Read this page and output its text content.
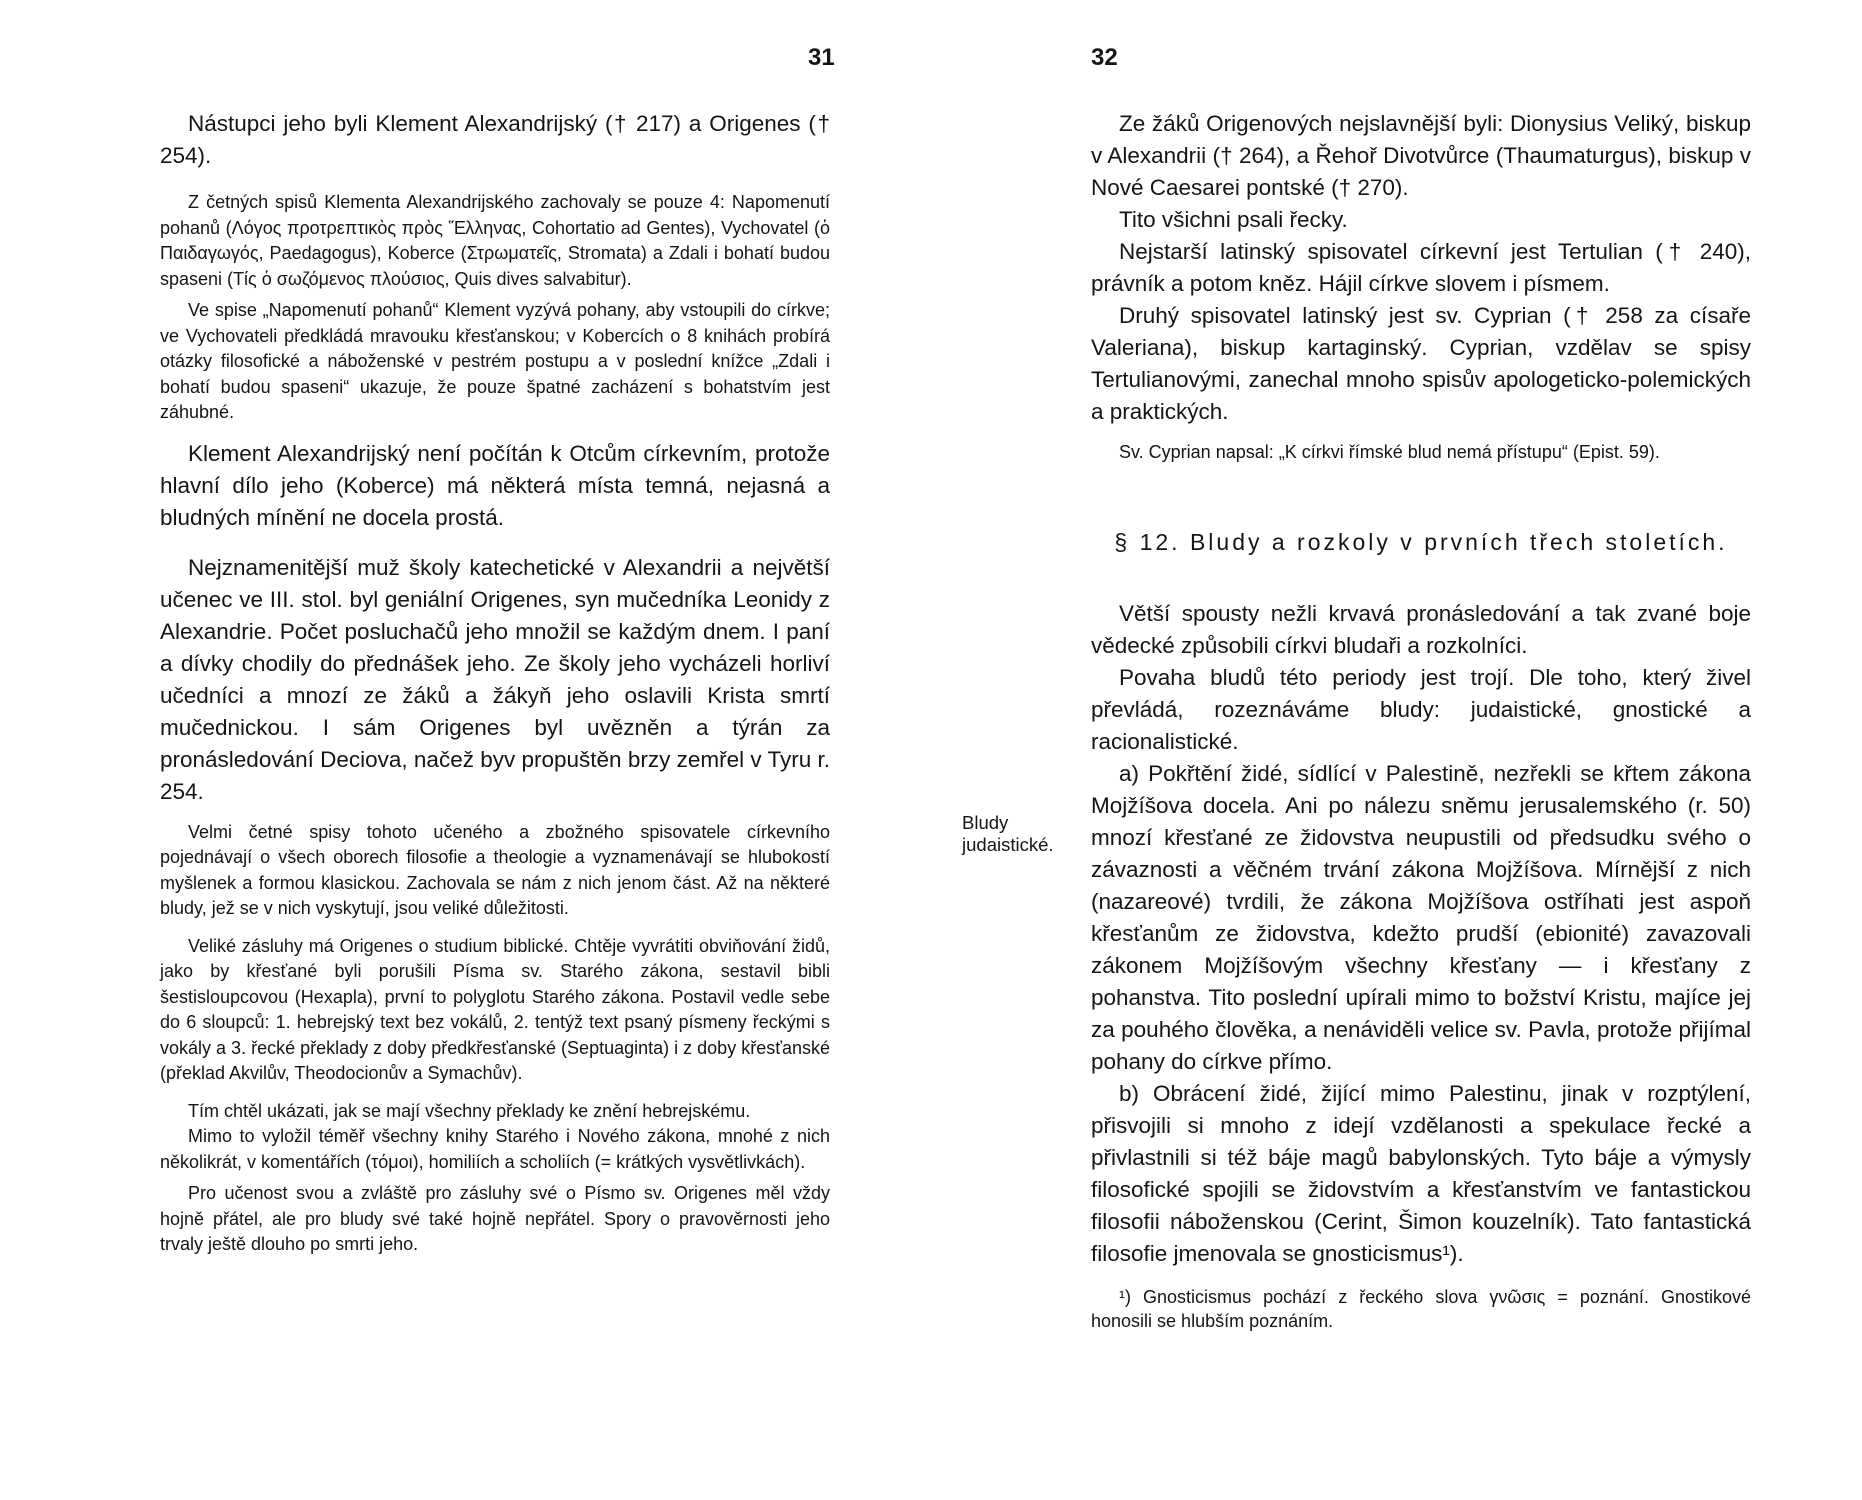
31

Nástupci jeho byli Klement Alexandrijský († 217) a Origenes († 254).

Z četných spisů Klementa Alexandrijského zachovaly se pouze 4: Napomenutí pohanů (Λόγος προτρεπτικὸς πρὸς Ἕλληνας, Cohortatio ad Gentes), Vychovatel (ὁ Παιδαγωγός, Paedagogus), Koberce (Στρωματεῖς, Stromata) a Zdali i bohatí budou spaseni (Τίς ὁ σωζόμενος πλούσιος, Quis dives salvabitur).

Ve spise „Napomenutí pohanů“ Klement vyzývá pohany, aby vstoupili do církve; ve Vychovateli předkládá mravouku křesťanskou; v Kobercích o 8 knihách probírá otázky filosofické a náboženské v pestrém postupu a v poslední knížce „Zdali i bohatí budou spaseni“ ukazuje, že pouze špatné zacházení s bohatstvím jest záhubné.

Klement Alexandrijský není počítán k Otcům církevním, protože hlavní dílo jeho (Koberce) má některá místa temná, nejasná a bludných mínění ne docela prostá.

Nejznamenitější muž školy katechetické v Alexandrii a největší učenec ve III. stol. byl geniální Origenes, syn mučedníka Leonidy z Alexandrie. Počet posluchačů jeho množil se každým dnem. I paní a dívky chodily do přednášek jeho. Ze školy jeho vycházeli horliví učedníci a mnozí ze žáků a žákyň jeho oslavili Krista smrtí mučednickou. I sám Origenes byl uvězněn a týrán za pronásledování Deciova, načež byv propuštěn brzy zemřel v Tyru r. 254.

Velmi četné spisy tohoto učeného a zbožného spisovatele církevního pojednávají o všech oborech filosofie a theologie a vyznamenávají se hlubokostí myšlenek a formou klasickou. Zachovala se nám z nich jenom část. Až na některé bludy, jež se v nich vyskytují, jsou veliké důležitosti.

Veliké zásluhy má Origenes o studium biblické. Chtěje vyvrátiti obviňování židů, jako by křesťané byli porušili Písma sv. Starého zákona, sestavil bibli šestisloupcovou (Hexapla), první to polyglotu Starého zákona. Postavil vedle sebe do 6 sloupců: 1. hebrejský text bez vokálů, 2. tentýž text psaný písmeny řeckými s vokály a 3. řecké překlady z doby předkřesťanské (Septuaginta) i z doby křesťanské (překlad Akvilův, Theodocionův a Symachův).

Tím chtěl ukázati, jak se mají všechny překlady ke znění hebrejskému.

Mimo to vyložil téměř všechny knihy Starého i Nového zákona, mnohé z nich několikrát, v komentářích (τόμοι), homiliích a scholiích (= krátkých vysvětlivkách).

Pro učenost svou a zvláště pro zásluhy své o Písmo sv. Origenes měl vždy hojně přátel, ale pro bludy své také hojně nepřátel. Spory o pravověrnosti jeho trvaly ještě dlouho po smrti jeho.

32

Ze žáků Origenových nejslavnější byli: Dionysius Veliký, biskup v Alexandrii († 264), a Řehoř Divotvůrce (Thaumaturgus), biskup v Nové Caesarei pontské († 270).

Tito všichni psali řecky.

Nejstarší latinský spisovatel církevní jest Tertulian († 240), právník a potom kněz. Hájil církve slovem i písmem.

Druhý spisovatel latinský jest sv. Cyprian († 258 za císaře Valeriana), biskup kartaginský. Cyprian, vzdělav se spisy Tertulianovými, zanechal mnoho spisův apologeticko-polemických a praktických.

Sv. Cyprian napsal: „K církvi římské blud nemá přístupu“ (Epist. 59).

§ 12. Bludy a rozkoly v prvních třech stoletích.

Větší spousty nežli krvavá pronásledování a tak zvané boje vědecké způsobili církvi bludaři a rozkolníci.

Povaha bludů této periody jest trojí. Dle toho, který živel převládá, rozeznáváme bludy: judaistické, gnostické a racionalistické.

a) Pokřtění židé, sídlící v Palestině, nezřekli se křtem zákona Mojžíšova docela. Ani po nálezu sněmu jerusalemského (r. 50) mnozí křesťané ze židovstva neupustili od předsudku svého o závaznosti a věčném trvání zákona Mojžíšova. Mírnější z nich (nazareové) tvrdili, že zákona Mojžíšova ostříhati jest aspoň křesťanům ze židovstva, kdežto prudší (ebionité) zavazovali zákonem Mojžíšovým všechny křesťany — i křesťany z pohanstva. Tito poslední upírali mimo to božství Kristu, majíce jej za pouhého člověka, a nenáviděli velice sv. Pavla, protože přijímal pohany do církve přímo.

b) Obrácení židé, žijící mimo Palestinu, jinak v rozptýlení, přisvojili si mnoho z idejí vzdělanosti a spekulace řecké a přivlastnili si též báje magů babylonských. Tyto báje a výmysly filosofické spojili se židovstvím a křesťanstvím ve fantastickou filosofii náboženskou (Cerint, Šimon kouzelník). Tato fantastická filosofie jmenovala se gnosticismus¹).

¹) Gnosticismus pochází z řeckého slova γνῶσις = poznání. Gnostikové honosili se hlubším poznáním.

Bludy judaistické.
